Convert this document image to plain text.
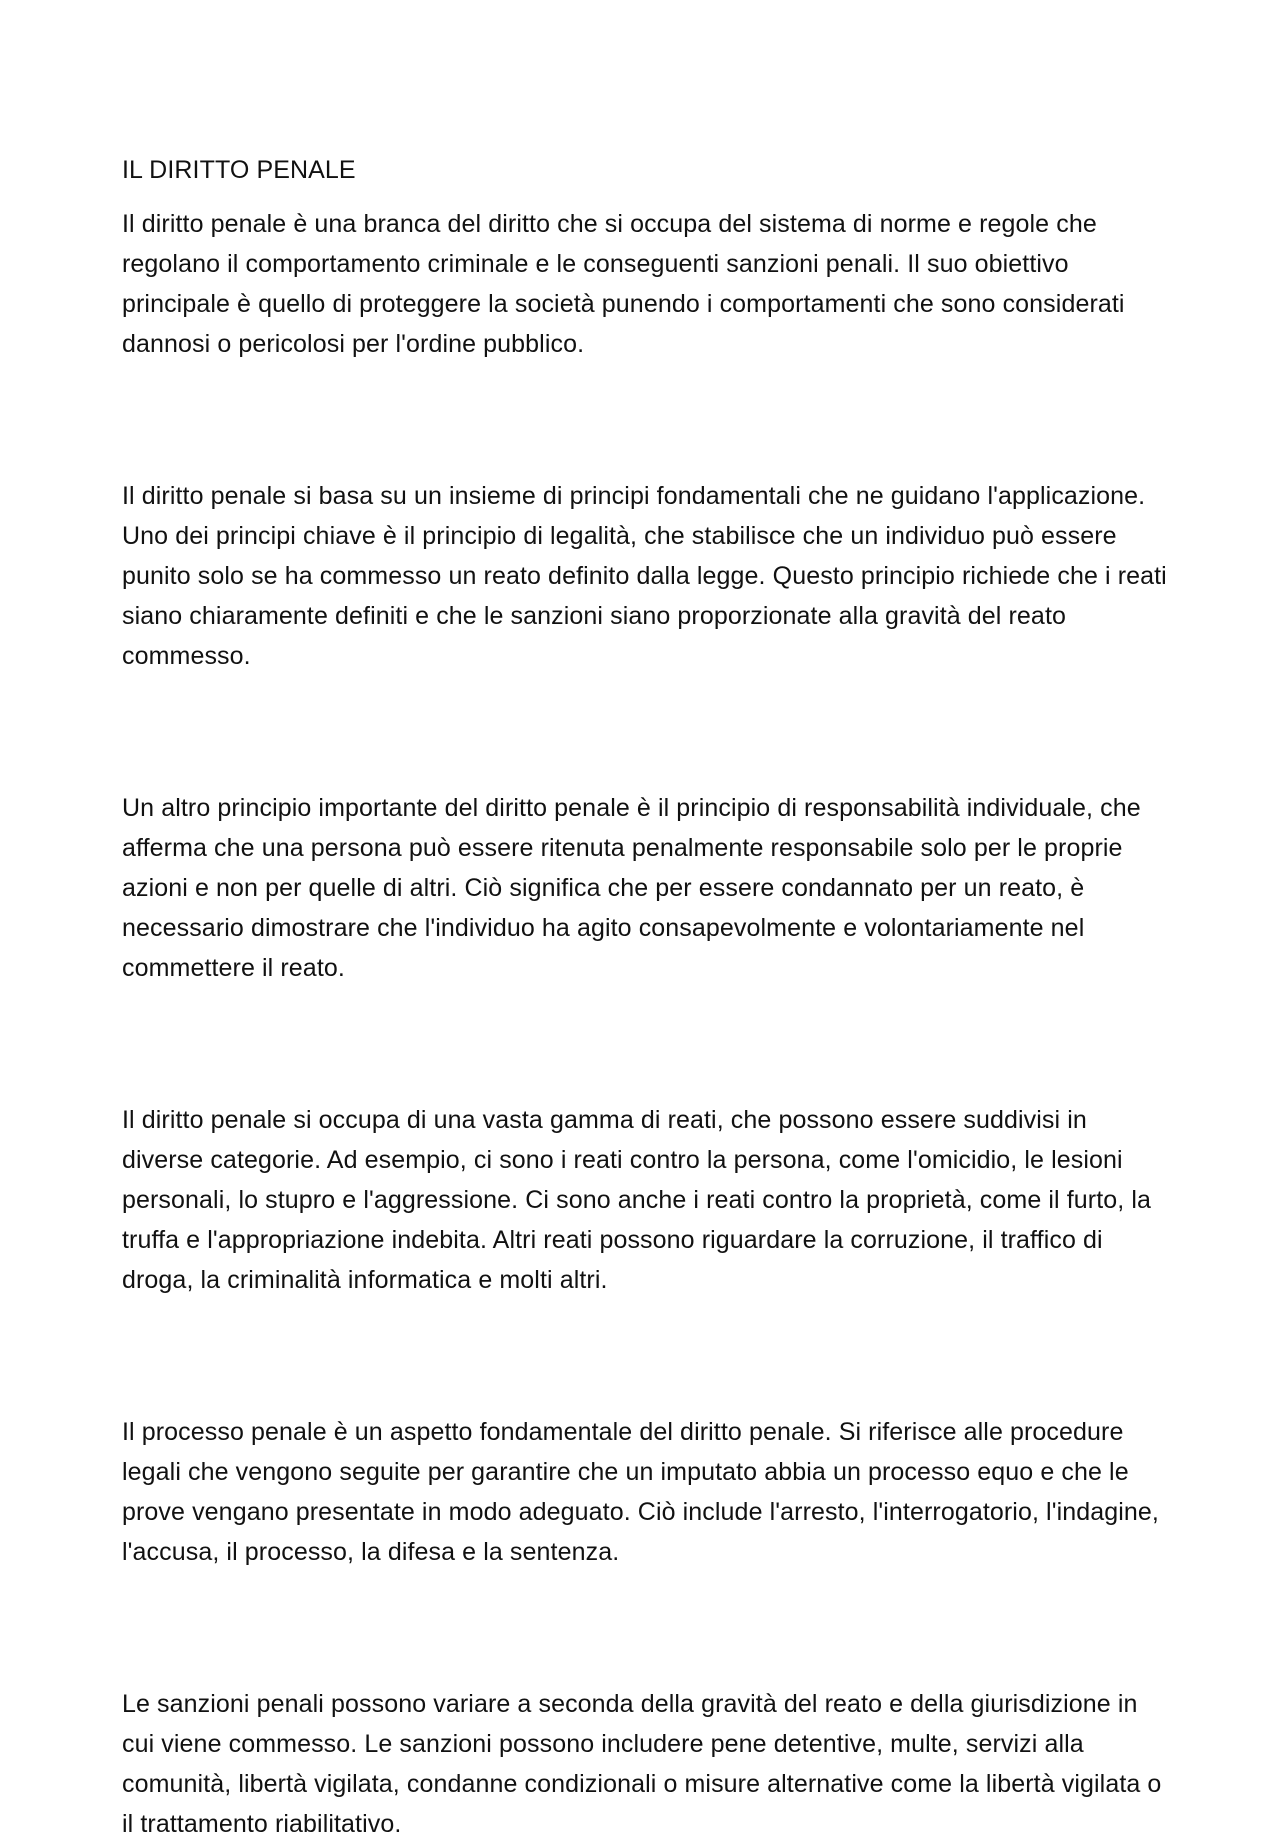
IL DIRITTO PENALE

Il diritto penale è una branca del diritto che si occupa del sistema di norme e regole che regolano il comportamento criminale e le conseguenti sanzioni penali. Il suo obiettivo principale è quello di proteggere la società punendo i comportamenti che sono considerati dannosi o pericolosi per l'ordine pubblico.

Il diritto penale si basa su un insieme di principi fondamentali che ne guidano l'applicazione. Uno dei principi chiave è il principio di legalità, che stabilisce che un individuo può essere punito solo se ha commesso un reato definito dalla legge. Questo principio richiede che i reati siano chiaramente definiti e che le sanzioni siano proporzionate alla gravità del reato commesso.

Un altro principio importante del diritto penale è il principio di responsabilità individuale, che afferma che una persona può essere ritenuta penalmente responsabile solo per le proprie azioni e non per quelle di altri. Ciò significa che per essere condannato per un reato, è necessario dimostrare che l'individuo ha agito consapevolmente e volontariamente nel commettere il reato.

Il diritto penale si occupa di una vasta gamma di reati, che possono essere suddivisi in diverse categorie. Ad esempio, ci sono i reati contro la persona, come l'omicidio, le lesioni personali, lo stupro e l'aggressione. Ci sono anche i reati contro la proprietà, come il furto, la truffa e l'appropriazione indebita. Altri reati possono riguardare la corruzione, il traffico di droga, la criminalità informatica e molti altri.

Il processo penale è un aspetto fondamentale del diritto penale. Si riferisce alle procedure legali che vengono seguite per garantire che un imputato abbia un processo equo e che le prove vengano presentate in modo adeguato. Ciò include l'arresto, l'interrogatorio, l'indagine, l'accusa, il processo, la difesa e la sentenza.

Le sanzioni penali possono variare a seconda della gravità del reato e della giurisdizione in cui viene commesso. Le sanzioni possono includere pene detentive, multe, servizi alla comunità, libertà vigilata, condanne condizionali o misure alternative come la libertà vigilata o il trattamento riabilitativo.
